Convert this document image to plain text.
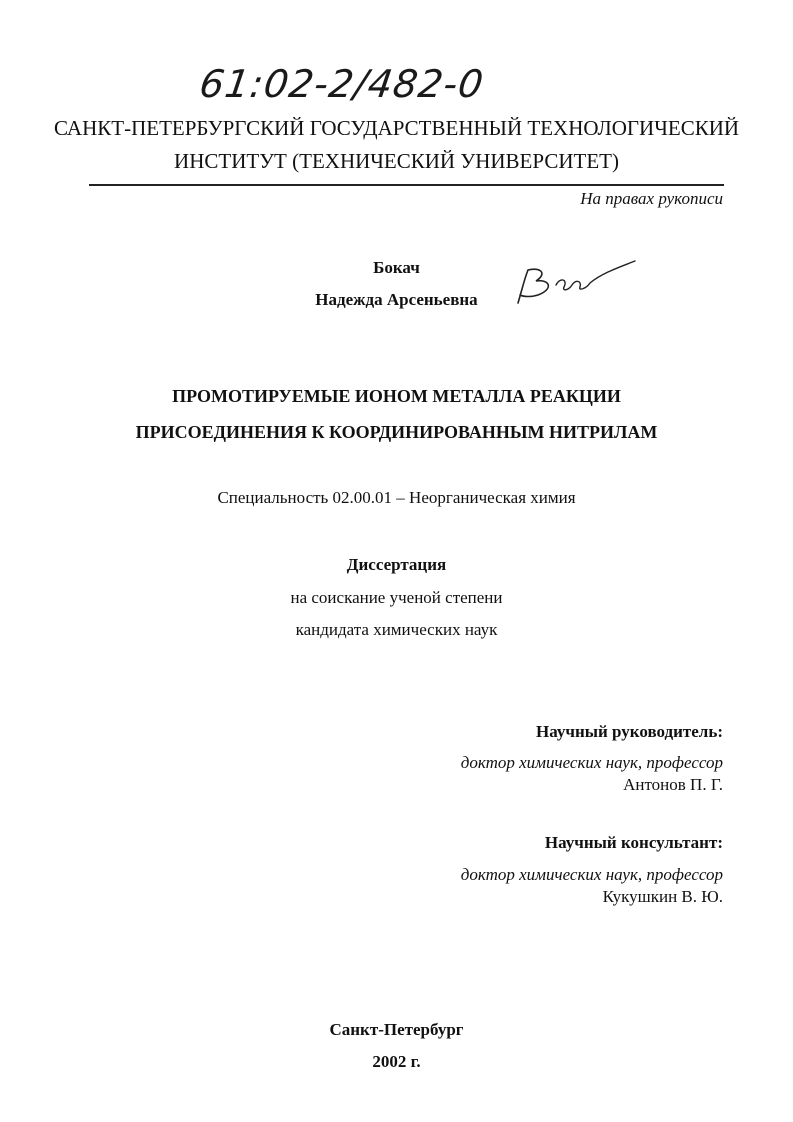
61:02-2/482-0
САНКТ-ПЕТЕРБУРГСКИЙ ГОСУДАРСТВЕННЫЙ ТЕХНОЛОГИЧЕСКИЙ
ИНСТИТУТ (ТЕХНИЧЕСКИЙ УНИВЕРСИТЕТ)
На правах рукописи
Бокач
Надежда Арсеньевна
ПРОМОТИРУЕМЫЕ ИОНОМ МЕТАЛЛА РЕАКЦИИ
ПРИСОЕДИНЕНИЯ К КООРДИНИРОВАННЫМ НИТРИЛАМ
Специальность 02.00.01 – Неорганическая химия
Диссертация
на соискание ученой степени
кандидата химических наук
Научный руководитель:
доктор химических наук, профессор
Антонов П. Г.
Научный консультант:
доктор химических наук, профессор
Кукушкин В. Ю.
Санкт-Петербург
2002 г.
